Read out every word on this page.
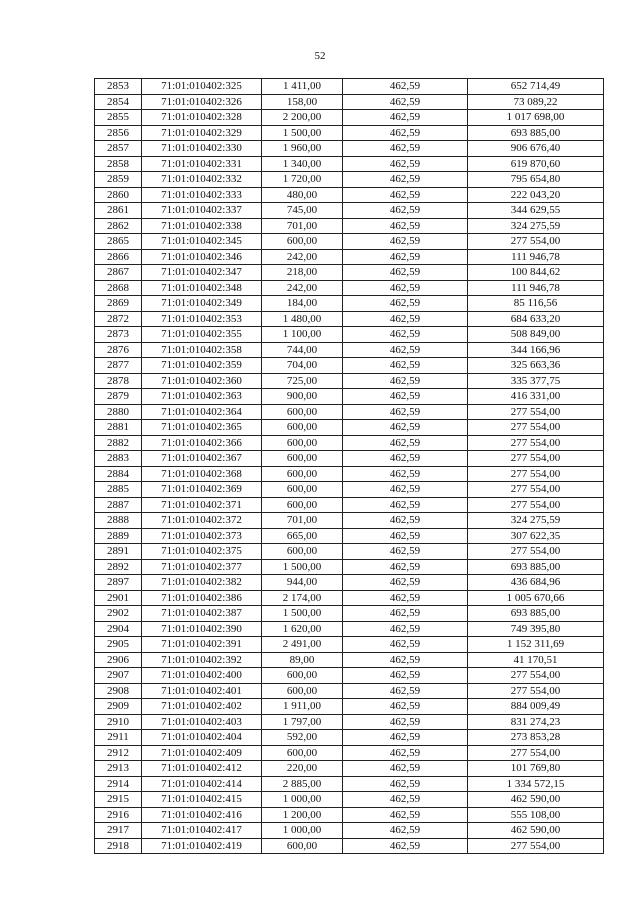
52
2853	71:01:010402:325	1 411,00	462,59	652 714,49
2854	71:01:010402:326	158,00	462,59	73 089,22
2855	71:01:010402:328	2 200,00	462,59	1 017 698,00
2856	71:01:010402:329	1 500,00	462,59	693 885,00
2857	71:01:010402:330	1 960,00	462,59	906 676,40
2858	71:01:010402:331	1 340,00	462,59	619 870,60
2859	71:01:010402:332	1 720,00	462,59	795 654,80
2860	71:01:010402:333	480,00	462,59	222 043,20
2861	71:01:010402:337	745,00	462,59	344 629,55
2862	71:01:010402:338	701,00	462,59	324 275,59
2865	71:01:010402:345	600,00	462,59	277 554,00
2866	71:01:010402:346	242,00	462,59	111 946,78
2867	71:01:010402:347	218,00	462,59	100 844,62
2868	71:01:010402:348	242,00	462,59	111 946,78
2869	71:01:010402:349	184,00	462,59	85 116,56
2872	71:01:010402:353	1 480,00	462,59	684 633,20
2873	71:01:010402:355	1 100,00	462,59	508 849,00
2876	71:01:010402:358	744,00	462,59	344 166,96
2877	71:01:010402:359	704,00	462,59	325 663,36
2878	71:01:010402:360	725,00	462,59	335 377,75
2879	71:01:010402:363	900,00	462,59	416 331,00
2880	71:01:010402:364	600,00	462,59	277 554,00
2881	71:01:010402:365	600,00	462,59	277 554,00
2882	71:01:010402:366	600,00	462,59	277 554,00
2883	71:01:010402:367	600,00	462,59	277 554,00
2884	71:01:010402:368	600,00	462,59	277 554,00
2885	71:01:010402:369	600,00	462,59	277 554,00
2887	71:01:010402:371	600,00	462,59	277 554,00
2888	71:01:010402:372	701,00	462,59	324 275,59
2889	71:01:010402:373	665,00	462,59	307 622,35
2891	71:01:010402:375	600,00	462,59	277 554,00
2892	71:01:010402:377	1 500,00	462,59	693 885,00
2897	71:01:010402:382	944,00	462,59	436 684,96
2901	71:01:010402:386	2 174,00	462,59	1 005 670,66
2902	71:01:010402:387	1 500,00	462,59	693 885,00
2904	71:01:010402:390	1 620,00	462,59	749 395,80
2905	71:01:010402:391	2 491,00	462,59	1 152 311,69
2906	71:01:010402:392	89,00	462,59	41 170,51
2907	71:01:010402:400	600,00	462,59	277 554,00
2908	71:01:010402:401	600,00	462,59	277 554,00
2909	71:01:010402:402	1 911,00	462,59	884 009,49
2910	71:01:010402:403	1 797,00	462,59	831 274,23
2911	71:01:010402:404	592,00	462,59	273 853,28
2912	71:01:010402:409	600,00	462,59	277 554,00
2913	71:01:010402:412	220,00	462,59	101 769,80
2914	71:01:010402:414	2 885,00	462,59	1 334 572,15
2915	71:01:010402:415	1 000,00	462,59	462 590,00
2916	71:01:010402:416	1 200,00	462,59	555 108,00
2917	71:01:010402:417	1 000,00	462,59	462 590,00
2918	71:01:010402:419	600,00	462,59	277 554,00
